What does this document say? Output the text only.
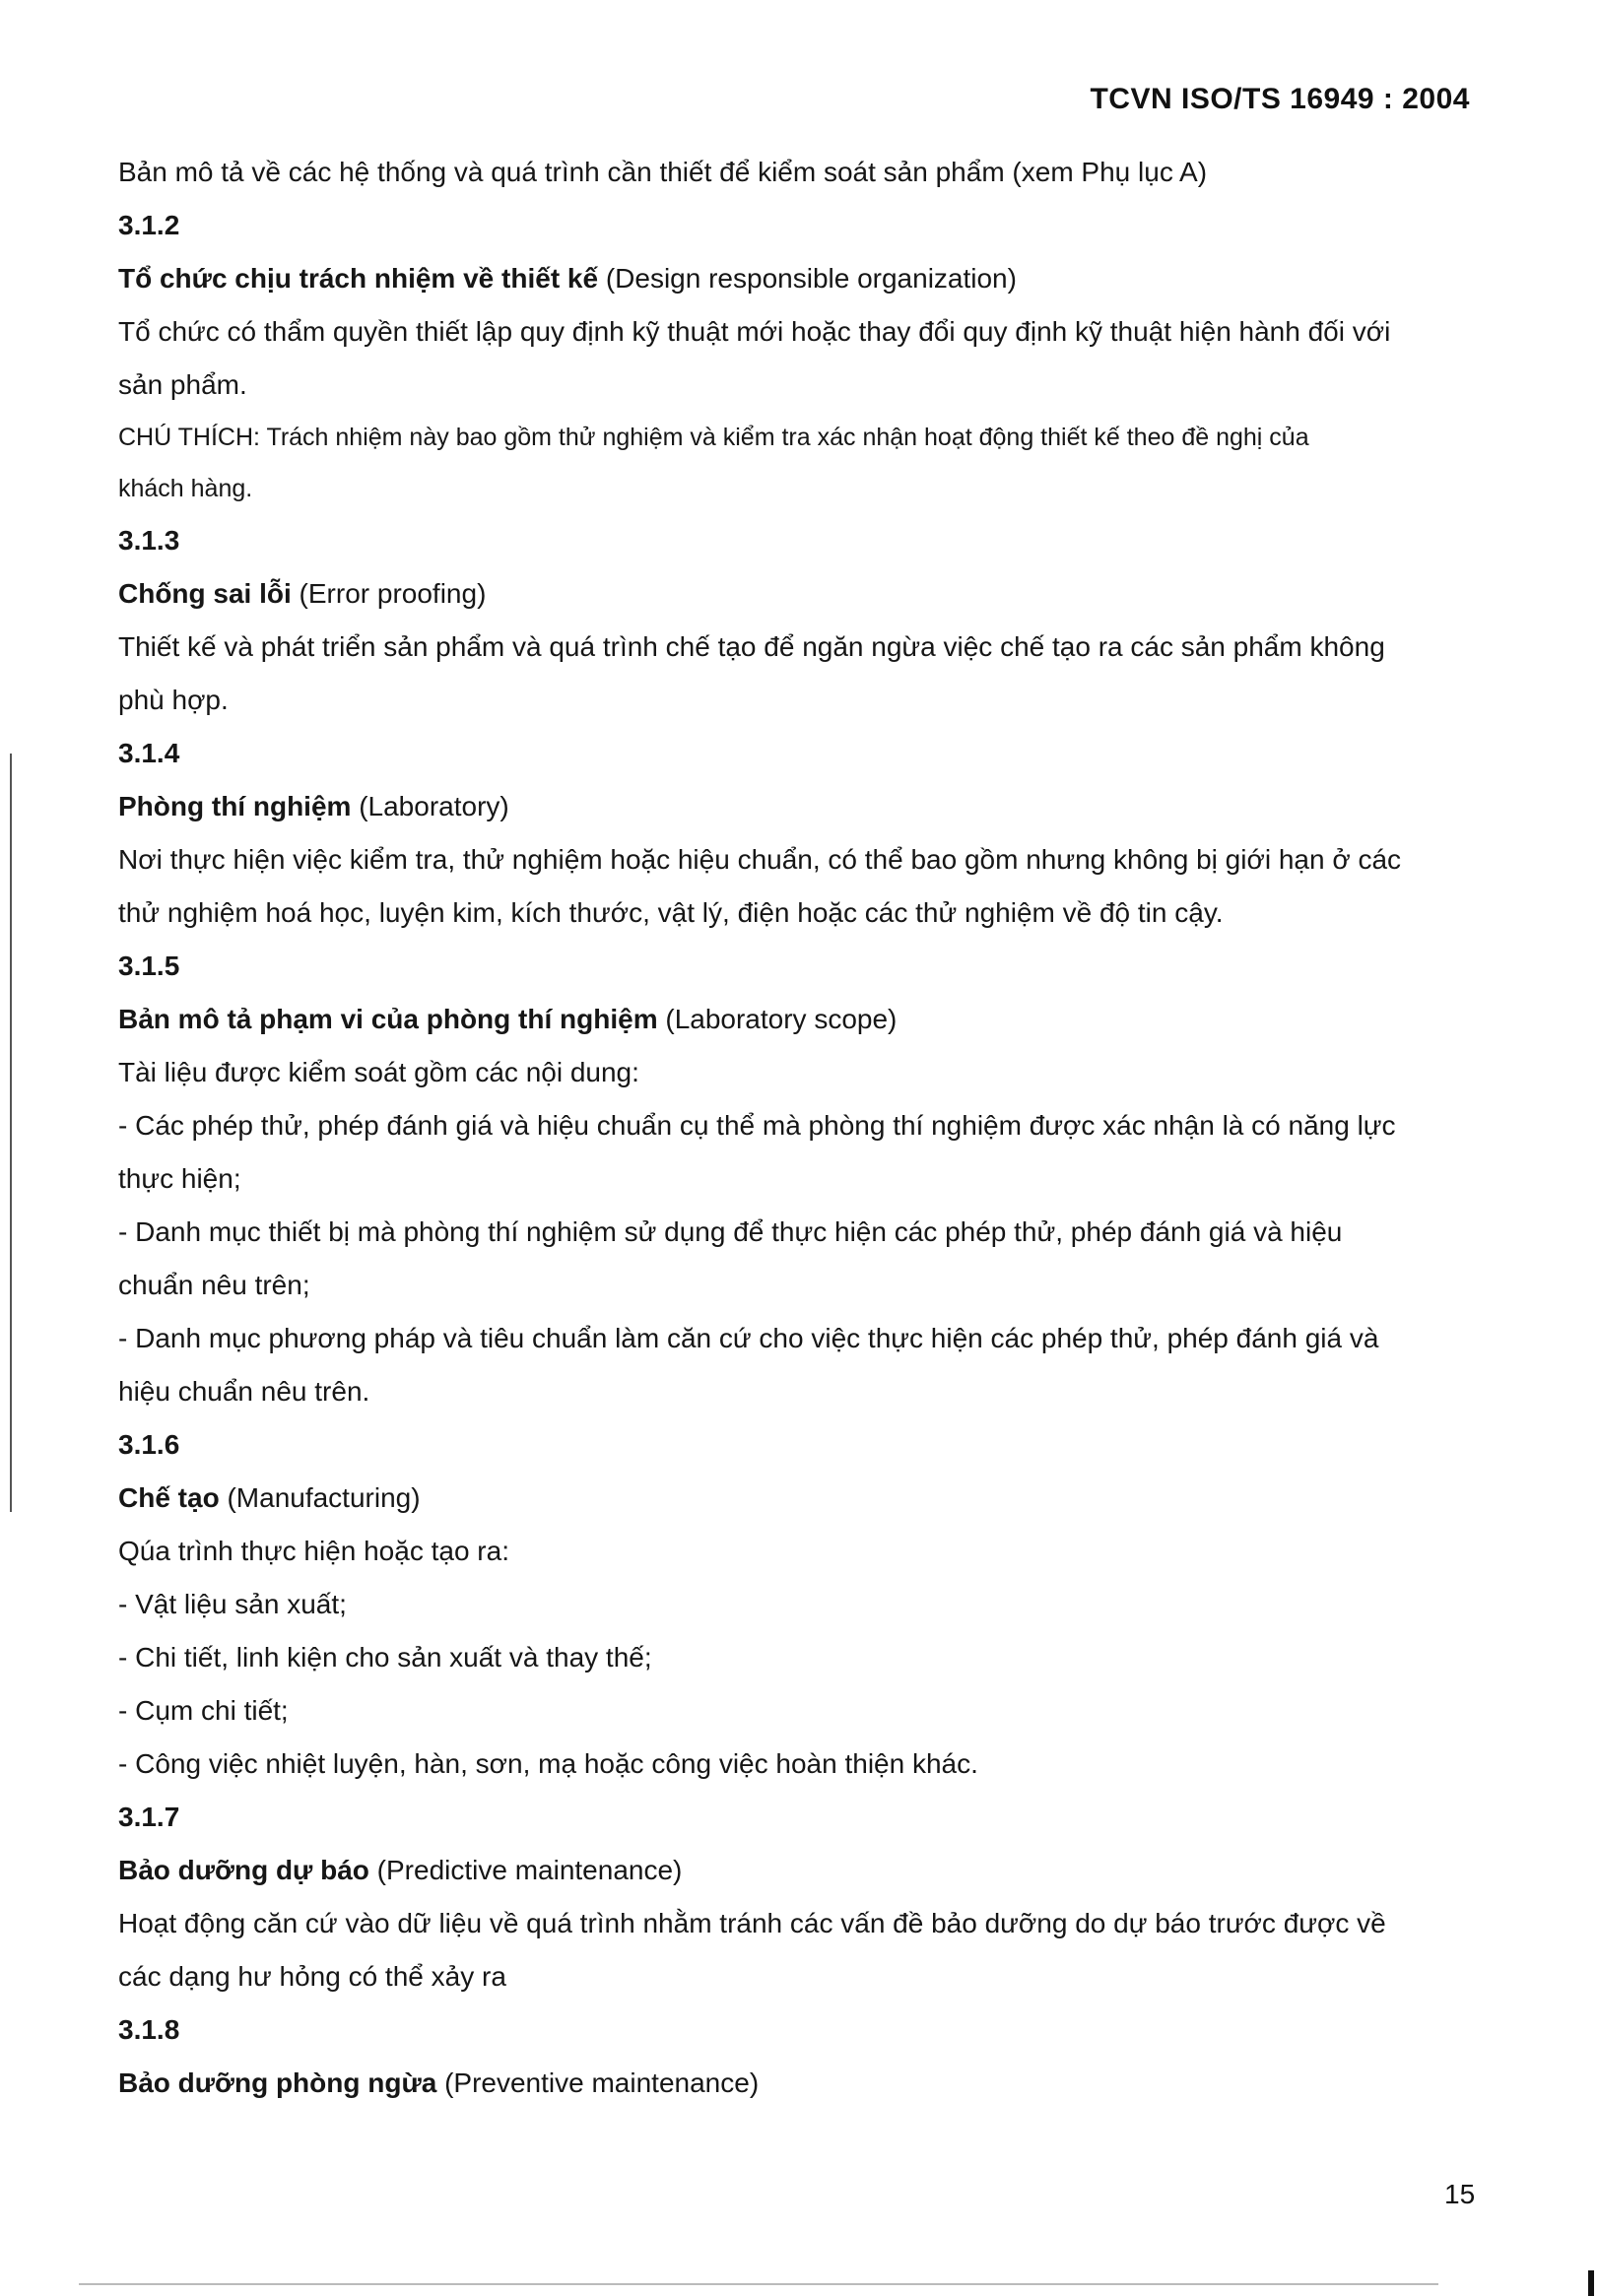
TCVN ISO/TS 16949 : 2004
Bản mô tả về các hệ thống và quá trình cần thiết để kiểm soát sản phẩm (xem Phụ lục A)
3.1.2
Tổ chức chịu trách nhiệm về thiết kế (Design responsible organization)
Tổ chức có thẩm quyền thiết lập quy định kỹ thuật mới hoặc thay đổi quy định kỹ thuật hiện hành đối với
sản phẩm.
CHÚ THÍCH: Trách nhiệm này bao gồm thử nghiệm và kiểm tra xác nhận hoạt động thiết kế theo đề nghị của
khách hàng.
3.1.3
Chống sai lỗi (Error proofing)
Thiết kế và phát triển sản phẩm và quá trình chế tạo để ngăn ngừa việc chế tạo ra các sản phẩm không
phù hợp.
3.1.4
Phòng thí nghiệm (Laboratory)
Nơi thực hiện việc kiểm tra, thử nghiệm hoặc hiệu chuẩn, có thể bao gồm nhưng không bị giới hạn ở các
thử nghiệm hoá học, luyện kim, kích thước, vật lý, điện hoặc các thử nghiệm về độ tin cậy.
3.1.5
Bản mô tả phạm vi của phòng thí nghiệm (Laboratory scope)
Tài liệu được kiểm soát gồm các nội dung:
- Các phép thử, phép đánh giá và hiệu chuẩn cụ thể mà phòng thí nghiệm được xác nhận là có năng lực
thực hiện;
- Danh mục thiết bị mà phòng thí nghiệm sử dụng để thực hiện các phép thử, phép đánh giá và hiệu
chuẩn nêu trên;
- Danh mục phương pháp và tiêu chuẩn làm căn cứ cho việc thực hiện các phép thử, phép đánh giá và
hiệu chuẩn nêu trên.
3.1.6
Chế tạo (Manufacturing)
Qúa trình thực hiện hoặc tạo ra:
- Vật liệu sản xuất;
- Chi tiết, linh kiện cho sản xuất và thay thế;
- Cụm chi tiết;
- Công việc nhiệt luyện, hàn, sơn, mạ hoặc công việc hoàn thiện khác.
3.1.7
Bảo dưỡng dự báo (Predictive maintenance)
Hoạt động căn cứ vào dữ liệu về quá trình nhằm tránh các vấn đề bảo dưỡng do dự báo trước được về
các dạng hư hỏng có thể xảy ra
3.1.8
Bảo dưỡng phòng ngừa (Preventive maintenance)
15
